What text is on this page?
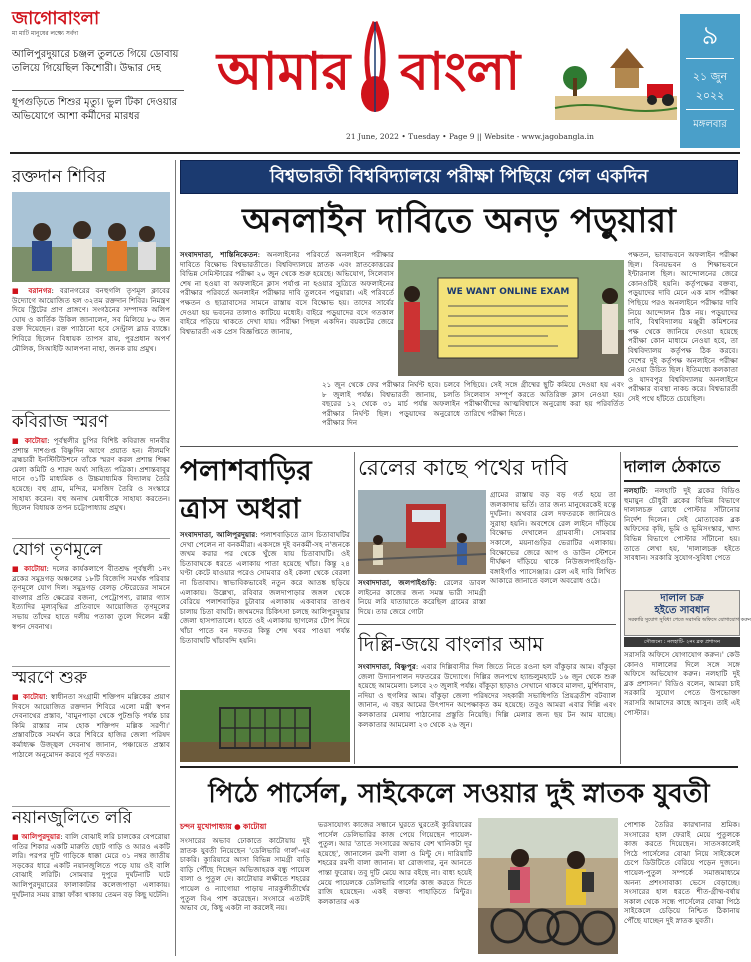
জাগোবাংলা
মা মাটি মানুষের লক্ষ্যে সর্বদা
আলিপুরদুয়ারে চঞ্জল তুলতে গিয়ে ডোবায় তলিয়ে গিয়েছিল কিশোরী। উদ্ধার দেহ
ধূপগুড়িতে শিশুর মৃত্যু। ভুল টিকা দেওয়ার অভিযোগে আশা কর্মীদের মারধর
আমার বাংলা
21 June, 2022 • Tuesday • Page 9 || Website - www.jagobangla.in
৯
২১ জুন
২০২২
মঙ্গলবার
রক্তদান শিবির
■ বরানগর: বরানগরের বনহুগলি তৃণমূল ক্লাবের উদ্যোগে আয়োজিত হল ৩২তম রক্তদান শিবির। নিমন্ত্রণ দিয়ে স্ট্রিটের প্রাণ প্রাঙ্গণে। সংগঠনের সম্পাদক অলিপ ঘোষ ও কার্তিক উকিল জানালেন, সব মিলিয়ে ৮০ জন রক্ত দিয়েছেন। রক্ত প্যাঠানো হবে সেন্ট্রাল ব্লাড ব্যাঙ্কে। শিবিরে ছিলেন বিধায়ক তাপস রায়, পুরপ্রধান অপর্ণ মৌলিক, সিআইটি আলপনা নাহা, জনক রায় প্রমুখ।
কবিরাজ স্মরণ
■ কাটোয়া: পূর্বস্থলীর চুপির বিশিষ্ট কবিরাজ দানবীর প্রশান্ত দাশগুপ্ত বিষ্ণুদিন আগে প্রয়াত হন। নীলমণি ব্রহ্মচারী ইনস্টিটিউশনে তাঁকে স্মরণ করল প্রশান্ত শিক্ষা মেলা কমিটি ও শারদ অর্ঘ্য সাহিত্য পত্রিকা। প্রশান্তবাবুর দানে ৩১টি মাধ্যমিক ও উচ্চমাধ্যমিক বিদ্যালয় তৈরি হয়েছে। বহু গ্রাম, মন্দির, মসজিদ তৈরি ও সংস্কারে সাহায্য করেন। বহু অনাথ মেধাবীকে সাহায্য করতেন। ছিলেন বিধায়ক তপন চট্টোপাধ্যায় প্রমুখ।
যোগ তৃণমূলে
■ কাটোয়া: দলের কার্যকলাপে বীতশ্রদ্ধ পূর্বস্থলী ১নং ব্লকের সমুদ্রগড় অঞ্চলের ১৮টি বিজেপি সমর্থক পরিবার তৃণমূলে যোগ দিল। সমুদ্রগড় বেলড় স্টেরেডের সামনে বাংলার প্রতি ক্ষেত্রের বজনা, পেট্রোপণ্য, রান্নার গ্যাস ইত্যাদির মূল্যবৃদ্ধির প্রতিবাদে আয়োজিত তৃণমূলের সভায় তাঁদের হাতে দলীয় পতাকা তুলে দিলেন মন্ত্রী স্বপন দেবনাথ।
স্মরণে শুরু
■ কাটোয়া: স্বাধীনতা সংগ্রামী শক্তিপদ মল্লিকের প্রয়াণ দিবসে আয়োজিত রক্তদান শিবিরে এলো মন্ত্রী স্বপন দেবনাথের প্রস্তাব, 'বামুনপাড়া থেকে পুটশুড়ি পর্যন্ত চার কিমি রাস্তার নাম হোক শক্তিপদ মল্লিক সরণী।' প্রস্তাবটিকে সমর্থন করে শিবিরে হাজির জেলা পরিষদ কর্মাধ্যক্ষ উজ্জ্বল দেবনাথ জানান, পঞ্চায়েত প্রস্তাব পাঠালে অনুমোদন করবে পূর্ত দফতর।
নয়ানজুলিতে লরি
■ আলিপুরদুয়ার: বালি বোঝাই লরি চালকের বেপরোয়া গতির শিকার একটি মারুতি ছোট গাড়ি ও আরও একটি লরি। পরপর দুটি গাড়িকে ধাক্কা মেরে ৩১ নম্বর জাতীয় সড়কের ধারে একটি নয়ানজুলিতে পড়ে যায় ওই বালি বোঝাই লরিটি। সোমবার দুপুরে দুর্ঘটনাটি ঘটে আলিপুরদুয়ারের ফালাকাটার কলেজপাড়া এলাকায়। দুর্ঘটনার সময় রাস্তা ফাঁকা থাকায় তেমন বড় কিছু ঘটেনি।
বিশ্বভারতী বিশ্ববিদ্যালয়ে পরীক্ষা পিছিয়ে গেল একদিন
অনলাইন দাবিতে অনড় পড়ুয়ারা
সংবাদদাতা, শান্তিনিকেতন: অনলাইনের পরিবর্তে অনলাইনে পরীক্ষার দাবিতে বিক্ষোভ বিশ্বভারতীতে। বিশ্ববিদ্যালয়ে স্নাতক এবং স্নাতকোত্তরের বিভিন্ন সেমিস্টারের পরীক্ষা ২০ জুন থেকে শুরু হয়েছে। অভিযোগ, সিলেবাস শেষ না হওয়া বা অফলাইনে ক্লাস পর্যাপ্ত না হওয়ার সুত্রিতে অফলাইনের পরীক্ষার পরিবর্তে অনলাইন পরীক্ষার দাবি তুলবেন পড়ুয়ারা। এই পরিবর্তে পক্ষতন ও ছাত্রাবাসের সামনে রাস্তায় বসে বিক্ষোভ হয়। তাদের সার্বের দেওয়া হয় ভবনের তালাও কাটিয়ে মধ্যেই। বাইরে পড়ুয়াদের বসে গতকাল বাইরে পড়িয়ে থাকতে দেখা যায়। পরীক্ষা পিছল একদিন। বয়কটের জেরে বিশ্বভারতী এক প্রেস বিজ্ঞপ্তিতে জানায়,
WE WANT ONLINE EXAM
২১ জুন থেকে ফের পরীক্ষার নির্ঘণ্ট হবে। চলবে ৮ জুলাই পর্যন্ত। বিশ্বভারতী জানায়, চলতি বছরের ১২ থেকে ৩১ মার্চ পর্যন্ত অফলাইন পরীক্ষার নির্ঘণ্ট ছিল। পড়ুয়াদের অনুরোধে পরীক্ষার দিন
পিছিয়ে। সেই সঙ্গে গ্রীষ্মের ছুটি কমিয়ে দেওয়া হয় এবং সিলেবাস সম্পূর্ণ করতে অতিরিক্ত ক্লাস নেওয়া হয়। পরীক্ষার্থীদের আত্মবিশ্বাসে অনুরোধ করা হয় পরিবর্তিত তারিখে পরীক্ষা দিতে।
পক্ষতন, ভাবাভবনে অফলাইন পরীক্ষা ছিল। বিনয়ভবন ও শিক্ষাভবনে ইন্টারনাল ছিল। আন্দোলনের জেরে কোনওটিই হয়নি। কর্তৃপক্ষের বক্তব্য, পড়ুয়াদের দাবি মেনে এক মাস পরীক্ষা পিছিয়ে পরও অনলাইনে পরীক্ষার দাবি নিয়ে আন্দোলন ঠিক নয়। পড়ুয়াদের দাবি, বিশ্ববিদ্যালয় মঞ্জুরী কমিশনের পক্ষ থেকে জানিয়ে দেওয়া হয়েছে পরীক্ষা কোন মাধ্যমে নেওয়া হবে, তা বিশ্ববিদ্যালয় কর্তৃপক্ষ ঠিক করবে। দেশের দুই কর্তৃপক্ষ অনলাইনে পরীক্ষা নেওয়া উচিত ছিল। ইতিমধ্যে কলকাতা ও যাদবপুর বিশ্ববিদ্যালয় অনলাইনে পরীক্ষার ব্যবস্থা নাকচ করে। বিশ্বভারতী সেই পথে হাঁটতে চেয়েছিল।
পলাশবাড়ির
ত্রাস অধরা
সংবাদদাতা, আলিপুরদুয়ার: পলাশবাড়িতে ত্রাস চিতাবাঘটির দেখা পেলেন না বনকর্মীরা। একসঙ্গে দুই বনকর্মী-সহ ন'জনকে জখম করার পর থেকে খুঁজে যায় চিতাবাঘটি। ওই চিতাবাঘকে ধরতে এলাকায় পাতা হয়েছে খাঁচা। কিন্তু ২৪ ঘণ্টা কেটে যাওয়ার পরেও সোমবার ওই কেলা থেকে বেরলা না চিতাবাঘ। স্বাভাবিকভাবেই নতুন করে আতঙ্ক ছড়িয়ে এলাকায়। উল্লেখ্য, রবিবার জলদাপাড়ার জঙ্গল থেকে বেরিয়ে পলাশবাড়ির চুটাবার এলাকায় একবাবার তাণ্ডব চালায় চিতা বাঘটি। জখমদের চিকিৎসা চলছে আলিপুরদুয়ার জেলা হাসপাতালে। হাতে ওই এলাকায় ছাগলের টোপ দিয়ে খাঁচা পাতে বন দফতর কিন্তু শেষ খবর পাওয়া পর্যন্ত চিতাবাঘটি খাঁচাবন্দি হয়নি।
রেলের কাছে পথের দাবি
সংবাদদাতা, জলপাইগুড়ি: রেলের ডাবল লাইনের কাজের জন্য সমস্ত ভারী সামগ্রী নিয়ে লরি যাতায়াতে করেছিল গ্রামের রাস্তা দিয়ে। তার জেরে গোটা
গ্রামের রাস্তায় বড় বড় গর্ত হয়ে তা জলকাদায় ভর্তি। তার জন্য মানুষেরকেই যত্নে দুর্ঘটনা। অথবার রেল দফতরকে জানিয়েও সুরাহা হয়নি। অবশেষে রেল লাইনে দাঁড়িয়ে বিক্ষোভ দেখালেন গ্রামবাসী। সোমবার সকালে, ময়নাগুড়ির ভেরাটির এলাকায়। বিক্ষোভের জেরে আপ ও ডাউন স্টেশনে দীর্ঘক্ষণ দাঁড়িয়ে থাকে নিউজলপাইগুড়ি-বঙ্গাইগাঁও প্যাসেঞ্জার। রেল এই দাবি লিখিত আকারে জানাতে বললে অবরোধ ওঠে।
দালাল ঠেকাতে
নলহাটি: নলহাটি দুই ব্লকের বিডিও হুমায়ুন চৌধুরী ব্লকের বিভিন্ন বিভাগে দালালচক্র রোধে পোস্টার সাঁটানোর নির্দেশ দিলেন। সেই মোতাবেক ব্লক অফিসের কৃষি, ভূমি ও ভূমিসংস্কার, খাদ্য বিভিন্ন বিভাগে পোস্টার সাঁটানো হয়। তাতে লেখা হয়, 'দালালচক্র হইতে সাবধান। সরকারি সুযোগ-সুবিধা পেতে
দালাল চক্র
হইতে সাবধান
সরকারি সুযোগ সুবিধা পেতে সরাসরি অফিসে যোগাযোগ করুন
সৌজন্যে : নলহাটি- ২নং ব্লক প্রশাসন
সরাসরি অফিসে যোগাযোগ করুন।' কেউ কোনও দালালের দিলে সঙ্গে সঙ্গে অফিসে অভিযোগ করুন। নলহাটি দুই ব্লক প্রশাসন।' বিডিও বলেন, আমরা চাই সরকারি সুযোগ পেতে উপভোক্তা সরাসরি আমাদের কাছে আসুন। তাই এই পোস্টার।
দিল্লি-জয়ে বাংলার আম
সংবাদদাতা, বিষ্ণুপুর: এবার দিল্লিবাসীর দিল জিতে নিতে রওনা হল বাঁকুড়ার আম। বাঁকুড়া জেলা উদ্যানপালন দফতরের উদ্যোগে। দিল্লির জনপথে হ্যান্ডলুমহাটে ১৬ জুন থেকে শুরু হয়েছে আমমেলা। চলবে ২৩ জুলাই পর্যন্ত। বাঁকুড়া ছাড়াও সেখানে থাকবে মালদা, মুর্শিদাবাদ, নদিয়া ও হুগলির আম। বাঁকুড়া জেলা পরিষদের সহকারী সভাধিপতি প্রিয়ব্রতীশ বটব্যাল জানান, এ বছর আমের উৎপাদন অপেক্ষাকৃত কম হয়েছে। তবুও আমরা এবার দিল্লি এবং কলকাতার মেলায় পাঠানোর প্রস্তুতি নিয়েছি। দিল্লি মেলার জন্য ছয় টন আম যাচ্ছে। কলকাতার আমমেলা ২৩ থেকে ২৬ জুন।
পিঠে পার্সেল, সাইকেলে সওয়ার দুই স্নাতক যুবতী
চন্দন মুখোপাধ্যায় ● কাটোয়া
সংসারের অভাব ঢোকাতে কাটোয়ায় দুই স্নাতক যুবতী নিয়েছেন 'ডেলিভারি গার্ল'-এর চাকরি। ক্যুরিয়ারে আসা বিভিন্ন সামগ্রী বাড়ি বাড়ি পৌঁছে দিচ্ছেন অভিজাহরক বন্ধু পায়েল বালা ও পুতুল দে। কাটোয়ার লক্ষীতে শহরের পায়েল ও ন্যাগোয়া পাড়ায় নারকুলীতীর্থের পুতুল বিএ পাশ করেছেন। সংসারে এতটাই অভাব যে, কিছু একটা না করলেই নয়।
ভরসাযোগ্য কাজের সন্ধানে ঘুরতে ঘুরতেই ক্যুরিয়ারের পার্সেল ডেলিভারির কাজ পেয়ে গিয়েছেন পায়েল-পুতুল। আর 'তাতে সংসারের অভাব বেশ খানিকটা দূর হয়েছে', জানালেন রমণী বালা ও মিন্টু দে। দারিয়াটি শহরের রমণী বালা জানান। যা রোজগার, নুন আনতে পান্তা ফুরোয়। তবু দুটি মেয়ে আর বইছে না। বাধ্য হয়েই মেয়ে পায়েলকে ডেলিভারি গার্লের কাজ করতে দিতে রাজি হয়েছেন। একই বক্তব্য পাহাড়িতে মিন্টুর। কলকাতার এক
পোশাক তৈরির কারখানার শ্রমিক। সংসারের হাল ফেরাই মেয়ে পুতুলকে কাজ করতে দিয়েছেন। সাতসকালেই পিঠে পার্সেলের বোঝা নিয়ে সাইকেলে চেপে ডিউটিতে বেরিয়ে পড়েন দুজনে। পায়েল-পুতুল সম্পর্কে সমাজমাধ্যমে অনন্য প্রশংসাবাক্য ভেসে বেড়াচ্ছে। সংসারের হাল ধরতে শীত-গ্রীষ্ম-বর্ষায় সকাল থেকে সন্ধে পার্সেলের বোঝা পিঠে সাইকেলে চেড়িয়ে নিশ্চিত ঠিকানায় পৌঁছে যাচ্ছেন দুই স্নাতক যুবতী।
